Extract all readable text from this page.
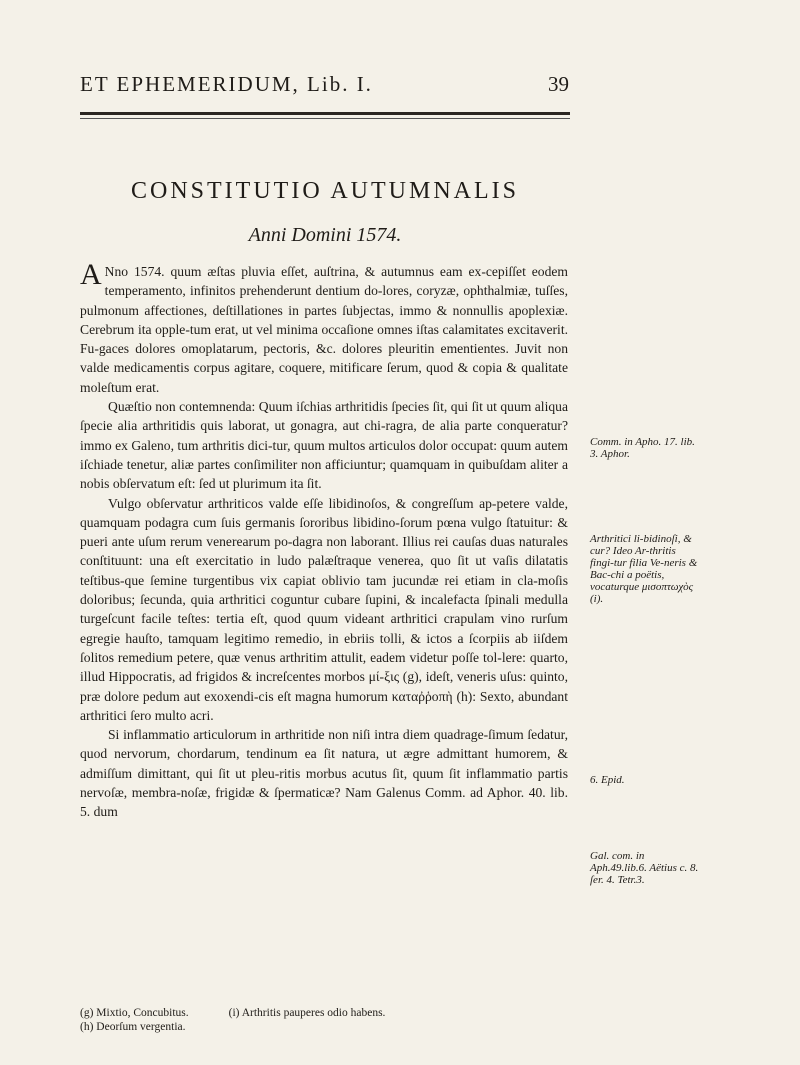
ET EPHEMERIDUM, Lib. I.	39
CONSTITUTIO AUTUMNALIS
Anni Domini 1574.

A Nno 1574. quum æſtas pluvia eſſet, auſtrina, & autumnus eam ex-cepiſſet eodem temperamento, infinitos prehenderunt dentium do-lores, coryzæ, ophthalmiæ, tuſſes, pulmonum affectiones, deſtillationes in partes ſubjectas, immo & nonnullis apoplexiæ. Cerebrum ita opple-tum erat, ut vel minima occaſione omnes iſtas calamitates excitaverit. Fu-gaces dolores omoplatarum, pectoris, &c. dolores pleuritin ementientes. Juvit non valde medicamentis corpus agitare, coquere, mitificare ſerum, quod & copia & qualitate moleſtum erat.

Quæſtio non contemnenda: Quum iſchias arthritidis ſpecies ſit, qui ſit ut quum aliqua ſpecie alia arthritidis quis laborat, ut gonagra, aut chi-ragra, de alia parte conqueratur? immo ex Galeno, tum arthritis dici-tur, quum multos articulos dolor occupat: quum autem iſchiade tenetur, aliæ partes conſimiliter non afficiuntur; quamquam in quibuſdam aliter a nobis obſervatum eſt: ſed ut plurimum ita ſit.

Vulgo obſervatur arthriticos valde eſſe libidinoſos, & congreſſum ap-petere valde, quamquam podagra cum ſuis germanis ſororibus libidino-ſorum pœna vulgo ſtatuitur: & pueri ante uſum rerum venerearum po-dagra non laborant. Illius rei cauſas duas naturales conſtituunt: una eſt exercitatio in ludo palæſtraque venerea, quo ſit ut vaſis dilatatis teſtibus-que ſemine turgentibus vix capiat oblivio tam jucundæ rei etiam in cla-moſis doloribus; ſecunda, quia arthritici coguntur cubare ſupini, & incalefacta ſpinali medulla turgeſcunt facile teſtes: tertia eſt, quod quum videant arthritici crapulam vino rurſum egregie hauſto, tamquam legitimo remedio, in ebriis tolli, & ictos a ſcorpiis ab iiſdem ſolitos remedium petere, quæ venus arthritim attulit, eadem videtur poſſe tol-lere: quarto, illud Hippocratis, ad frigidos & increſcentes morbos μί-ξις (g), ideſt, veneris uſus: quinto, præ dolore pedum aut exoxendi-cis eſt magna humorum καταῤῥοπὴ (h): Sexto, abundant arthritici ſero multo acri.

Si inflammatio articulorum in arthritide non niſi intra diem quadrage-ſimum ſedatur, quod nervorum, chordarum, tendinum ea ſit natura, ut ægre admittant humorem, & admiſſum dimittant, qui ſit ut pleu-ritis morbus acutus ſit, quum ſit inflammatio partis nervoſæ, membra-noſæ, frigidæ & ſpermaticæ? Nam Galenus Comm. ad Aphor. 40. lib. 5. dum

Comm. in Apho. 17. lib. 3. Aphor.
Arthritici li-bidinoſi, & cur? Ideo Ar-thritis fingi-tur filia Ve-neris & Bac-chi a poëtis, vocaturque μισοπτωχὸς (i).
6. Epid.
Gal. com. in Aph.49.lib.6. Aëtius c. 8. ſer. 4. Tetr.3.
(g) Mixtio, Concubitus.	(i) Arthritis pauperes odio habens.
(h) Deorſum vergentia.
